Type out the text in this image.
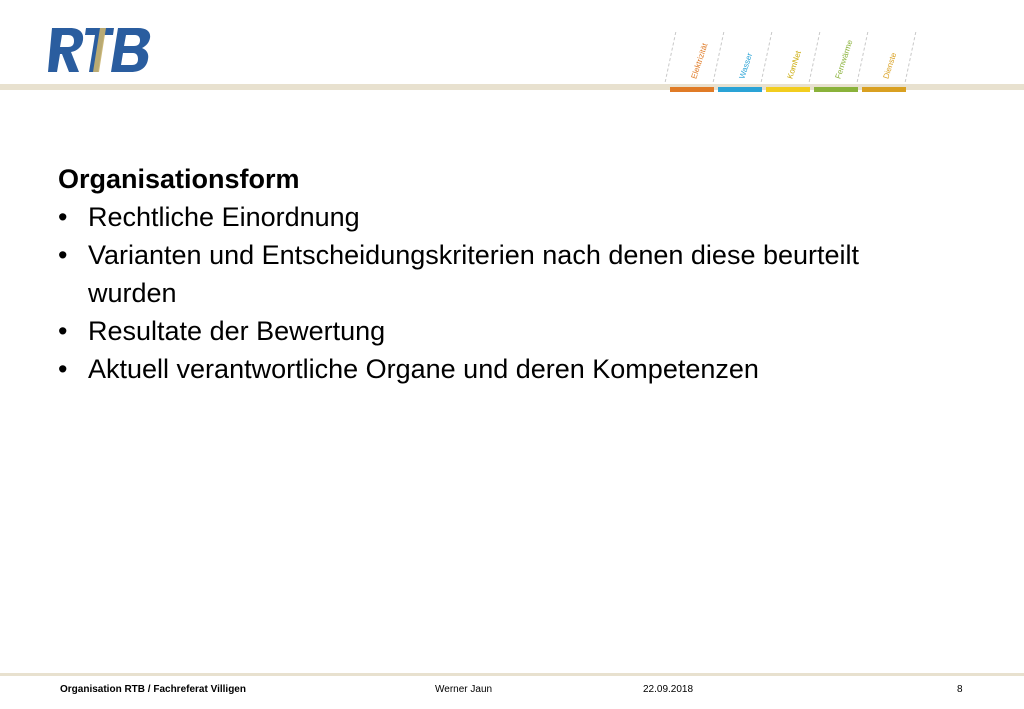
Elektrizität	Wasser	KomNet	Fernwärme	Dienste

Organisationsform

• Rechtliche Einordnung
• Varianten und Entscheidungskriterien nach denen diese beurteilt wurden
• Resultate der Bewertung
• Aktuell verantwortliche Organe und deren Kompetenzen
Organisation RTB / Fachreferat Villigen	Werner Jaun	22.09.2018	8
